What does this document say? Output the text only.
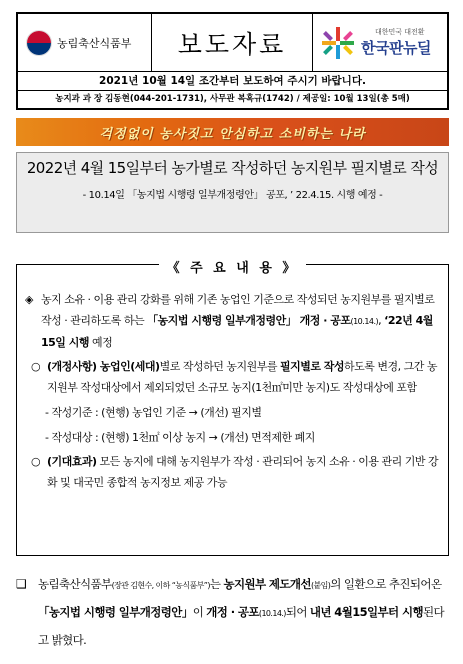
농림축산식품부	보도자료	대한민국 대전환
한국판뉴딜
2021년 10월 14일 조간부터 보도하여 주시기 바랍니다.
농지과 과 장 김동현(044-201-1731), 사무관 복혹규(1742) / 제공일: 10월 13일(총 5매)
걱정없이 농사짓고 안심하고 소비하는 나라
2022년 4월 15일부터 농가별로 작성하던 농지원부 필지별로 작성
- 10.14일 「농지법 시행령 일부개정령안」 공포, ’ 22.4.15. 시행 예정 -
《 주 요 내 용 》
◈ 농지 소유 · 이용 관리 강화를 위해 기존 농업인 기준으로 작성되던 농지원부를 필지별로 작성 · 관리하도록 하는 「농지법 시행령 일부개정령안」 개정 · 공포(10.14.), ‘22년 4월 15일 시행 예정
○ (개정사항) 농업인(세대)별로 작성하던 농지원부를 필지별로 작성하도록 변경, 그간 농지원부 작성대상에서 제외되었던 소규모 농지(1천㎡미만 농지)도 작성대상에 포함
- 작성기준 : (현행) 농업인 기준 → (개선) 필지별
- 작성대상 : (현행) 1천㎡ 이상 농지 → (개선) 면적제한 폐지
○ (기대효과) 모든 농지에 대해 농지원부가 작성 · 관리되어 농지 소유 · 이용 관리 기반 강화 및 대국민 종합적 농지정보 제공 가능
❑ 농림축산식품부(장관 김현수, 이하 “농식품부”)는 농지원부 제도개선(붙임)의 일환으로 추진되어온 「농지법 시행령 일부개정령안」이 개정 · 공포(10.14.)되어 내년 4월15일부터 시행된다고 밝혔다.
